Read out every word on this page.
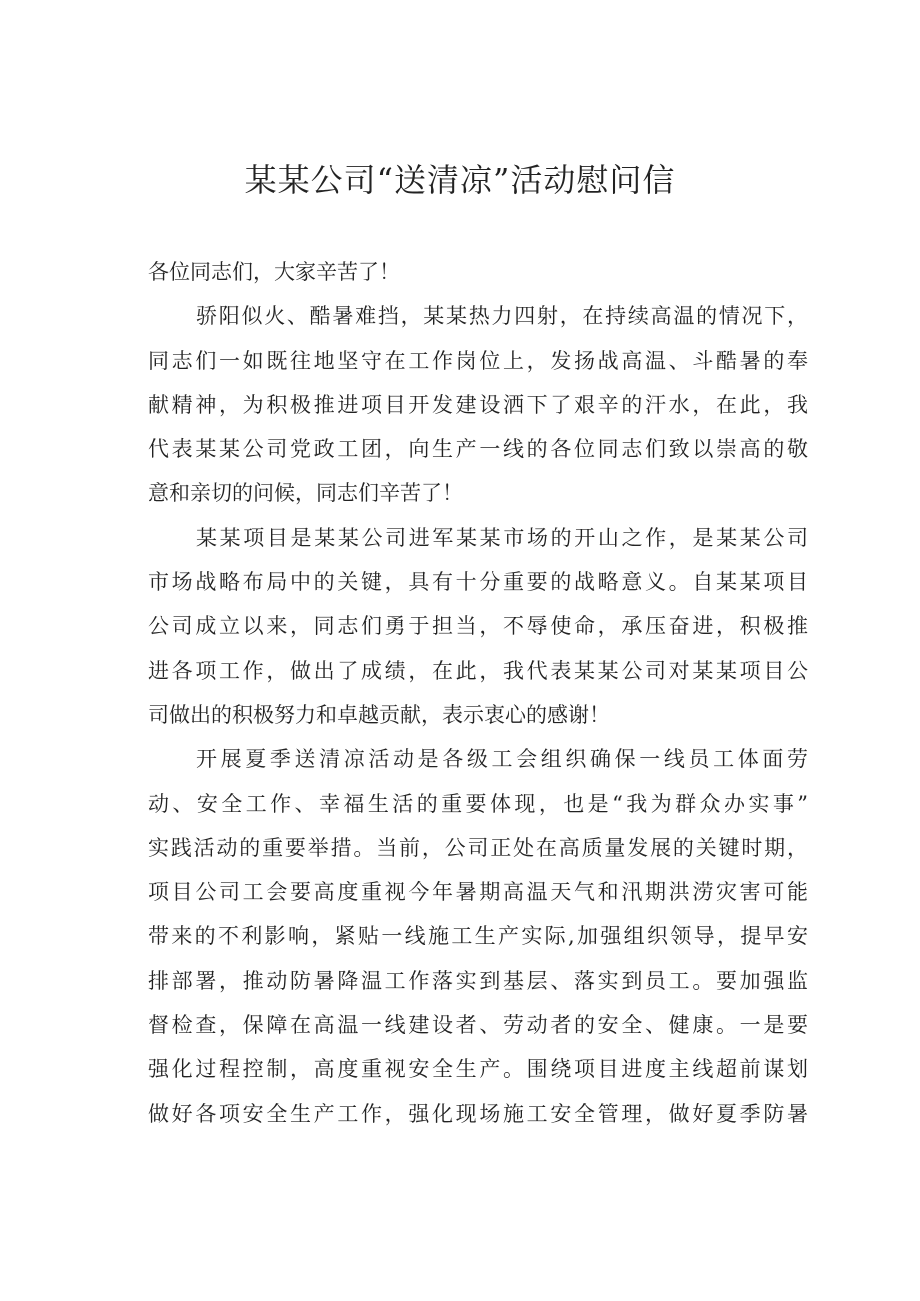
某某公司“送清凉”活动慰问信
各位同志们，大家辛苦了！
骄阳似火、酷暑难挡，某某热力四射，在持续高温的情况下，
同志们一如既往地坚守在工作岗位上，发扬战高温、斗酷暑的奉
献精神，为积极推进项目开发建设洒下了艰辛的汗水，在此，我
代表某某公司党政工团，向生产一线的各位同志们致以崇高的敬
意和亲切的问候，同志们辛苦了！
某某项目是某某公司进军某某市场的开山之作，是某某公司
市场战略布局中的关键，具有十分重要的战略意义。自某某项目
公司成立以来，同志们勇于担当，不辱使命，承压奋进，积极推
进各项工作，做出了成绩，在此，我代表某某公司对某某项目公
司做出的积极努力和卓越贡献，表示衷心的感谢！
开展夏季送清凉活动是各级工会组织确保一线员工体面劳
动、安全工作、幸福生活的重要体现，也是“我为群众办实事”
实践活动的重要举措。当前，公司正处在高质量发展的关键时期，
项目公司工会要高度重视今年暑期高温天气和汛期洪涝灾害可能
带来的不利影响，紧贴一线施工生产实际,加强组织领导，提早安
排部署，推动防暑降温工作落实到基层、落实到员工。要加强监
督检查，保障在高温一线建设者、劳动者的安全、健康。一是要
强化过程控制，高度重视安全生产。围绕项目进度主线超前谋划
做好各项安全生产工作，强化现场施工安全管理，做好夏季防暑
